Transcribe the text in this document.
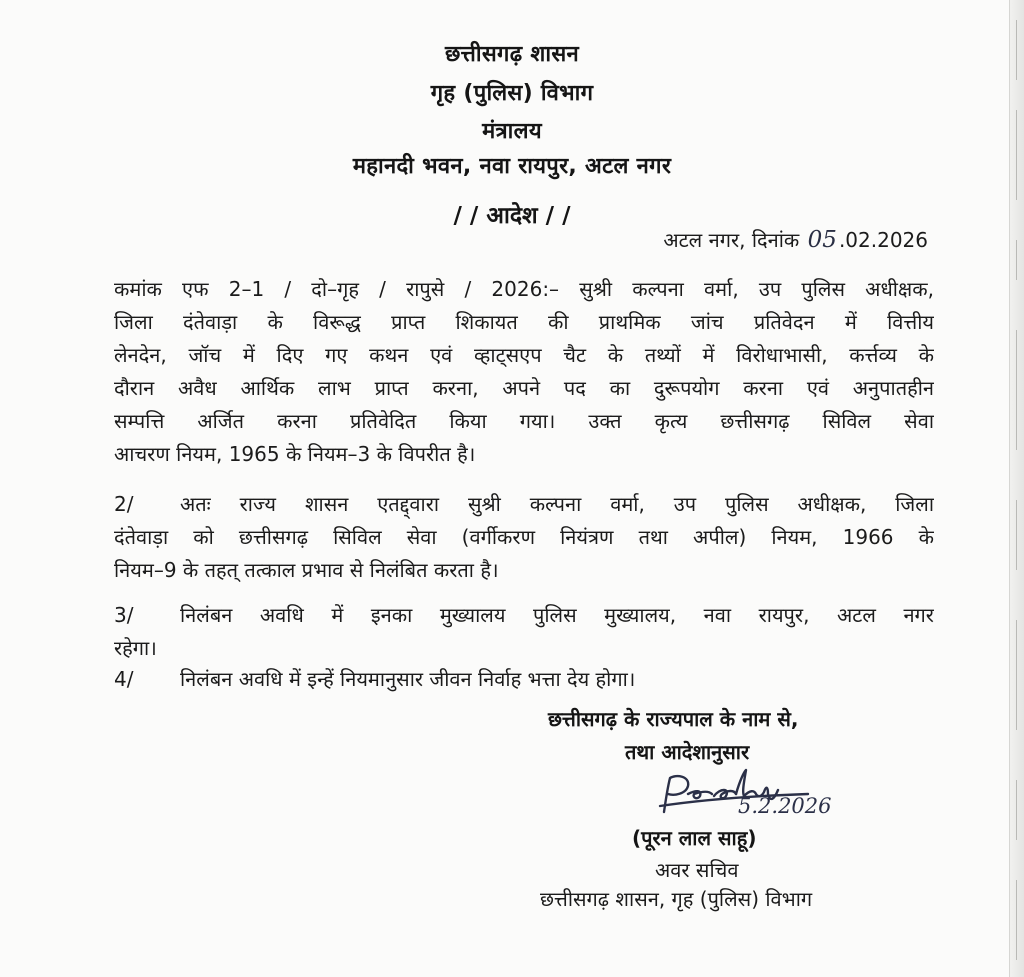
छत्तीसगढ़ शासन
गृह (पुलिस) विभाग
मंत्रालय
महानदी भवन, नवा रायपुर, अटल नगर
/ / आदेश / /
अटल नगर, दिनांक 05 .02.2026
कमांक एफ 2–1 / दो–गृह / रापुसे / 2026:– सुश्री कल्पना वर्मा, उप पुलिस अधीक्षक,
जिला दंतेवाड़ा के विरूद्ध प्राप्त शिकायत की प्राथमिक जांच प्रतिवेदन में वित्तीय
लेनदेन, जॉच में दिए गए कथन एवं व्हाट्सएप चैट के तथ्यों में विरोधाभासी, कर्त्तव्य के
दौरान अवैध आर्थिक लाभ प्राप्त करना, अपने पद का दुरूपयोग करना एवं अनुपातहीन
सम्पत्ति अर्जित करना प्रतिवेदित किया गया। उक्त कृत्य छत्तीसगढ़ सिविल सेवा
आचरण नियम, 1965 के नियम–3 के विपरीत है।
2/	अतः राज्य शासन एतद्द्वारा सुश्री कल्पना वर्मा, उप पुलिस अधीक्षक, जिला
दंतेवाड़ा को छत्तीसगढ़ सिविल सेवा (वर्गीकरण नियंत्रण तथा अपील) नियम, 1966 के
नियम–9 के तहत् तत्काल प्रभाव से निलंबित करता है।
3/	निलंबन अवधि में इनका मुख्यालय पुलिस मुख्यालय, नवा रायपुर, अटल नगर
रहेगा।
4/	निलंबन अवधि में इन्हें नियमानुसार जीवन निर्वाह भत्ता देय होगा।
छत्तीसगढ़ के राज्यपाल के नाम से,
तथा आदेशानुसार
5.2.2026
(पूरन लाल साहू)
अवर सचिव
छत्तीसगढ़ शासन, गृह (पुलिस) विभाग
